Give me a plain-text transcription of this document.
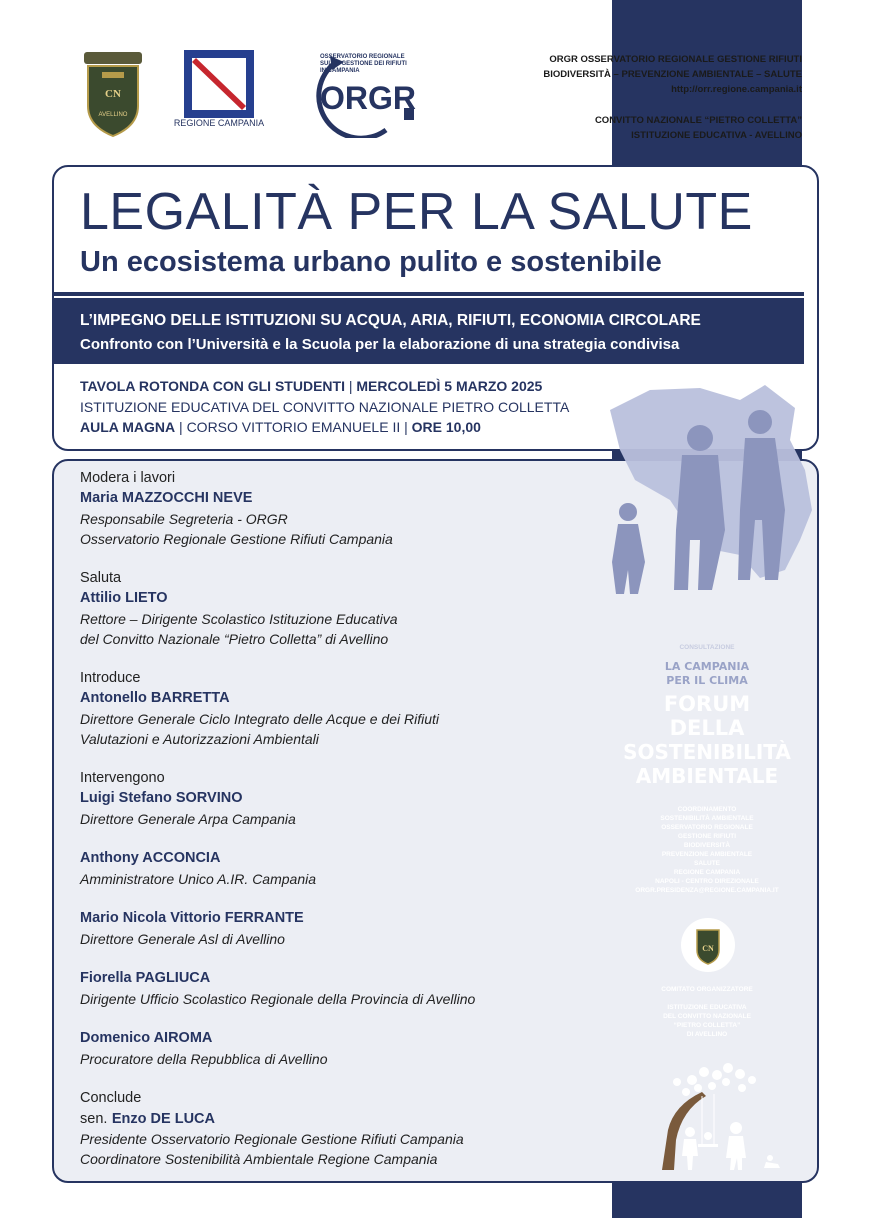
CN
AVELLINO
REGIONE CAMPANIA
OSSERVATORIO REGIONALE SULLA GESTIONE DEI RIFIUTI IN CAMPANIA
ORGR
ORGR OSSERVATORIO REGIONALE GESTIONE RIFIUTI
BIODIVERSITÀ – PREVENZIONE AMBIENTALE – SALUTE
http://orr.regione.campania.it
CONVITTO NAZIONALE “PIETRO COLLETTA”
ISTITUZIONE EDUCATIVA - AVELLINO
LEGALITÀ PER LA SALUTE
Un ecosistema urbano pulito e sostenibile
L’IMPEGNO DELLE ISTITUZIONI SU ACQUA, ARIA, RIFIUTI, ECONOMIA CIRCOLARE
Confronto con l’Università e la Scuola per la elaborazione di una strategia condivisa
TAVOLA ROTONDA CON GLI STUDENTI | MERCOLEDÌ 5 MARZO 2025
ISTITUZIONE EDUCATIVA DEL CONVITTO NAZIONALE PIETRO COLLETTA
AULA MAGNA | CORSO VITTORIO EMANUELE II | ORE 10,00
Modera i lavori
Maria MAZZOCCHI NEVE
Responsabile Segreteria - ORGR
Osservatorio Regionale Gestione Rifiuti Campania
Saluta
Attilio LIETO
Rettore – Dirigente Scolastico Istituzione Educativa
del Convitto Nazionale “Pietro Colletta” di Avellino
Introduce
Antonello BARRETTA
Direttore Generale Ciclo Integrato delle Acque e dei Rifiuti
Valutazioni e Autorizzazioni Ambientali
Intervengono
Luigi Stefano SORVINO
Direttore Generale Arpa Campania
Anthony ACCONCIA
Amministratore Unico A.IR. Campania
Mario Nicola Vittorio FERRANTE
Direttore Generale Asl di Avellino
Fiorella PAGLIUCA
Dirigente Ufficio Scolastico Regionale della Provincia di Avellino
Domenico AIROMA
Procuratore della Repubblica di Avellino
Conclude
sen. Enzo DE LUCA
Presidente Osservatorio Regionale Gestione Rifiuti Campania
Coordinatore Sostenibilità Ambientale Regione Campania
CONSULTAZIONE
LA CAMPANIA
PER IL CLIMA
FORUM
DELLA
SOSTENIBILITÀ
AMBIENTALE
COORDINAMENTO
SOSTENIBILITÀ AMBIENTALE
OSSERVATORIO REGIONALE
GESTIONE RIFIUTI
BIODIVERSITÀ
PREVENZIONE AMBIENTALE
SALUTE
REGIONE CAMPANIA
NAPOLI - CENTRO DIREZIONALE
ORGR.PRESIDENZA@REGIONE.CAMPANIA.IT
CN
COMITATO ORGANIZZATORE
ISTITUZIONE EDUCATIVA
DEL CONVITTO NAZIONALE
“PIETRO COLLETTA”
DI AVELLINO
